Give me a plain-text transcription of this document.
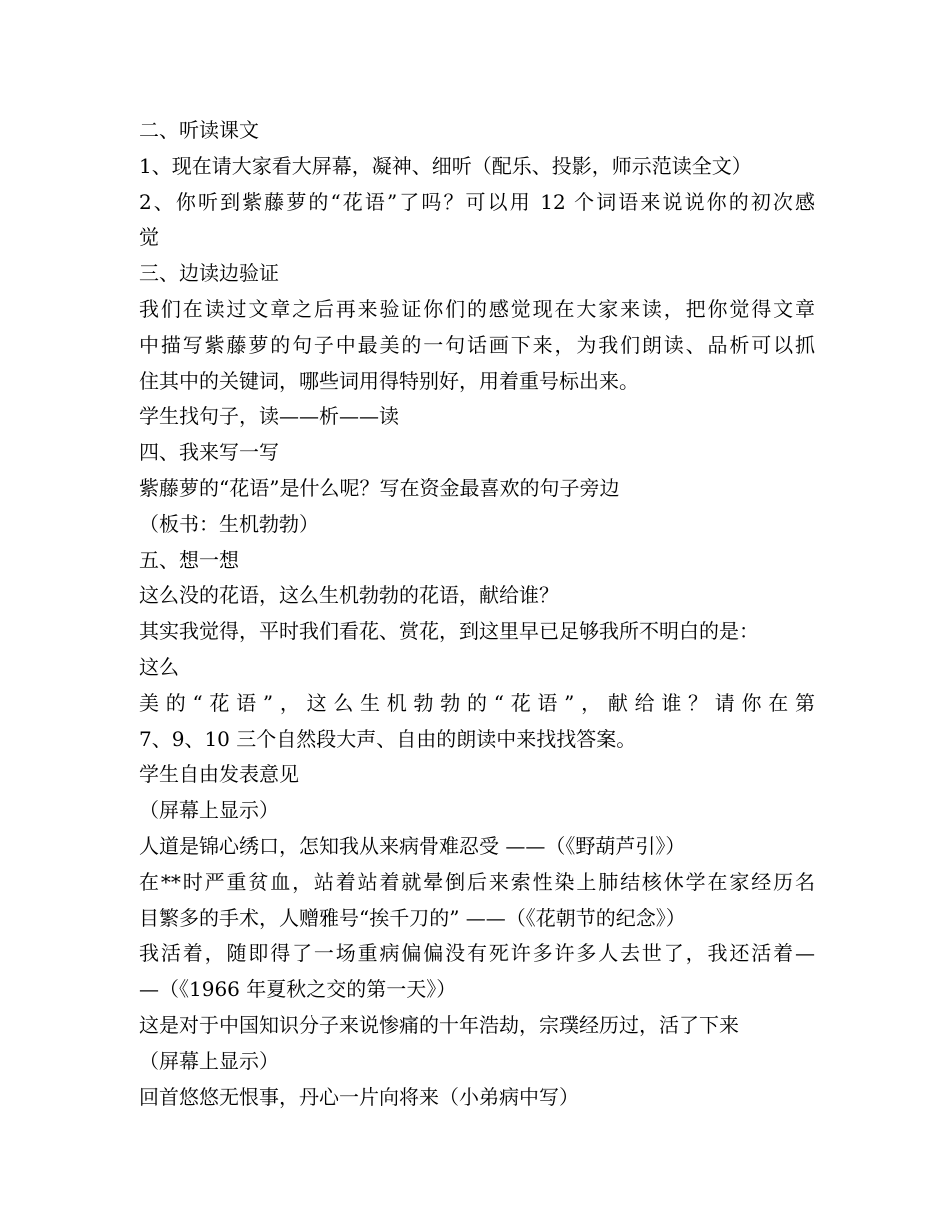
二、听读课文
1、现在请大家看大屏幕，凝神、细听（配乐、投影，师示范读全文）
2、你听到紫藤萝的“花语”了吗？可以用 12 个词语来说说你的初次感
觉
三、边读边验证
我们在读过文章之后再来验证你们的感觉现在大家来读，把你觉得文章
中描写紫藤萝的句子中最美的一句话画下来，为我们朗读、品析可以抓
住其中的关键词，哪些词用得特别好，用着重号标出来。
学生找句子，读——析——读
四、我来写一写
紫藤萝的“花语”是什么呢？写在资金最喜欢的句子旁边
（板书：生机勃勃）
五、想一想
这么没的花语，这么生机勃勃的花语，献给谁？
其实我觉得，平时我们看花、赏花，到这里早已足够我所不明白的是：
这么
美的“花语”，这么生机勃勃的“花语”，献给谁？请你在第
7、9、10 三个自然段大声、自由的朗读中来找找答案。
学生自由发表意见
（屏幕上显示）
人道是锦心绣口，怎知我从来病骨难忍受 ——（《野葫芦引》）
在**时严重贫血，站着站着就晕倒后来索性染上肺结核休学在家经历名
目繁多的手术，人赠雅号“挨千刀的” ——（《花朝节的纪念》）
我活着，随即得了一场重病偏偏没有死许多许多人去世了，我还活着—
—（《1966 年夏秋之交的第一天》）
这是对于中国知识分子来说惨痛的十年浩劫，宗璞经历过，活了下来
（屏幕上显示）
回首悠悠无恨事，丹心一片向将来（小弟病中写）
